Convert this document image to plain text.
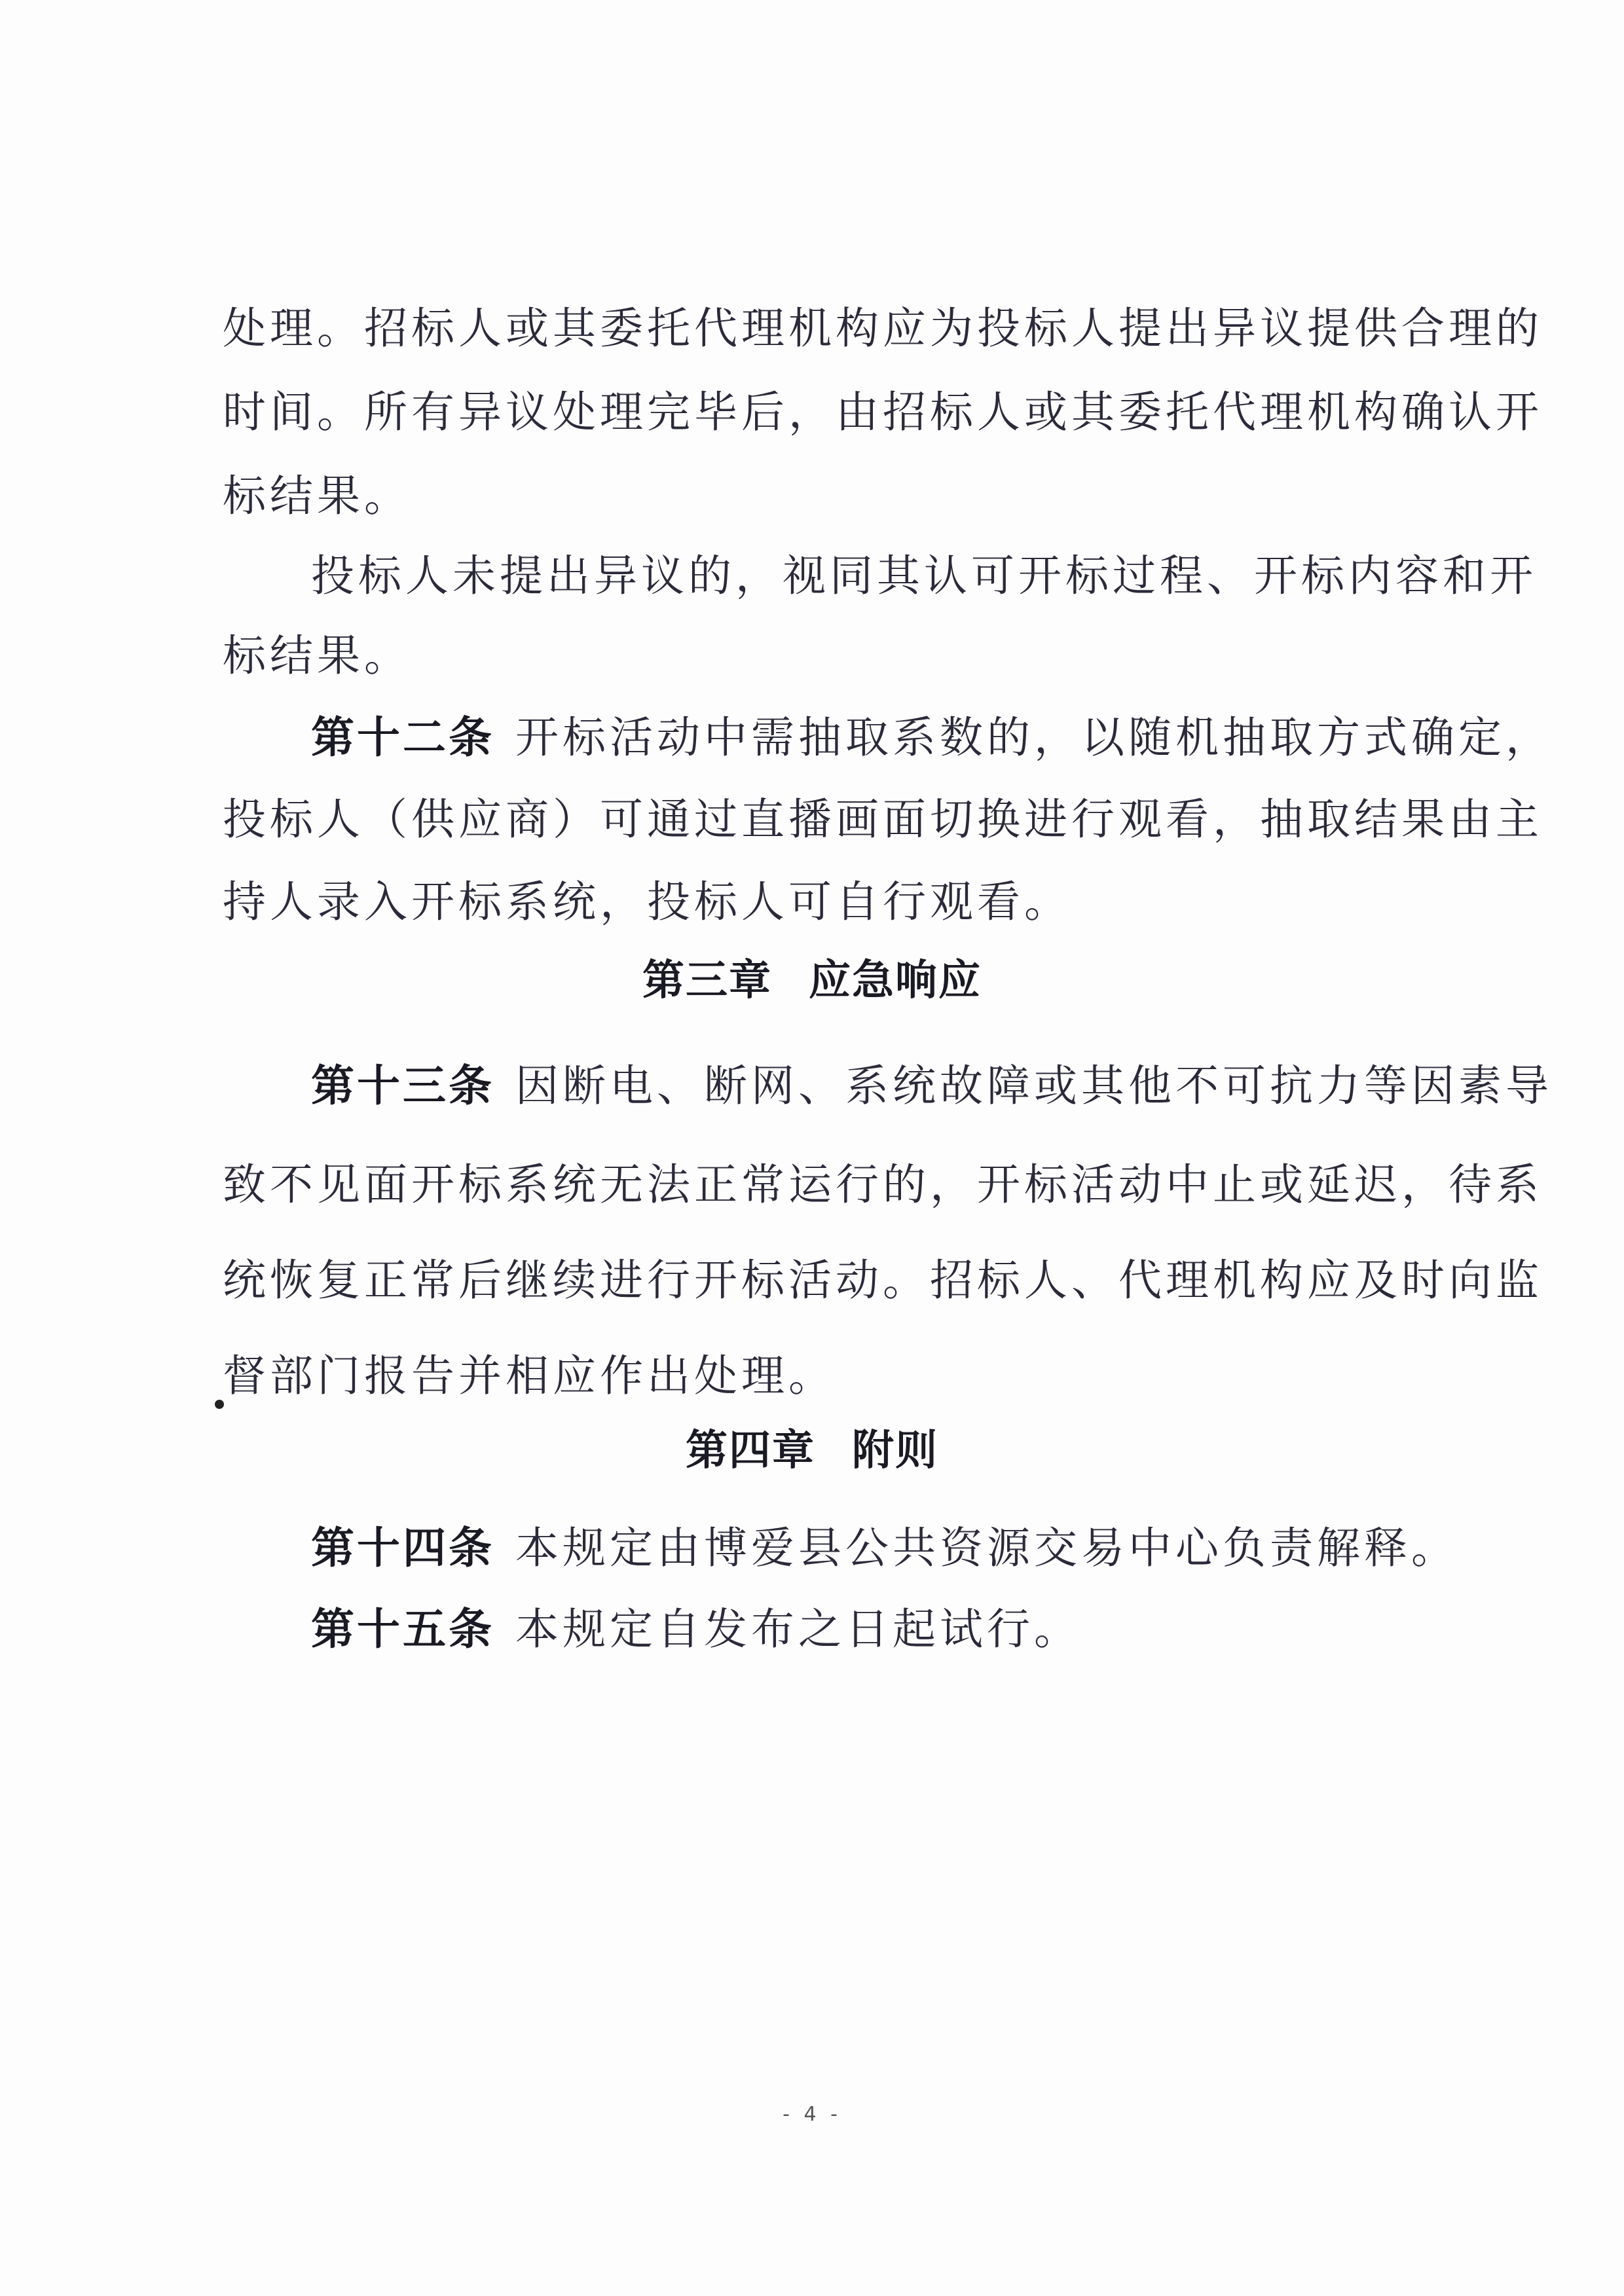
处理。招标人或其委托代理机构应为投标人提出异议提供合理的
时间。所有异议处理完毕后，由招标人或其委托代理机构确认开
标结果。
投标人未提出异议的，视同其认可开标过程、开标内容和开
标结果。
第十二条 开标活动中需抽取系数的，以随机抽取方式确定，
投标人（供应商）可通过直播画面切换进行观看，抽取结果由主
持人录入开标系统，投标人可自行观看。
第三章 应急响应
第十三条 因断电、断网、系统故障或其他不可抗力等因素导
致不见面开标系统无法正常运行的，开标活动中止或延迟，待系
统恢复正常后继续进行开标活动。招标人、代理机构应及时向监
督部门报告并相应作出处理。
第四章 附则
第十四条 本规定由博爱县公共资源交易中心负责解释。
第十五条 本规定自发布之日起试行。
- 4 -
